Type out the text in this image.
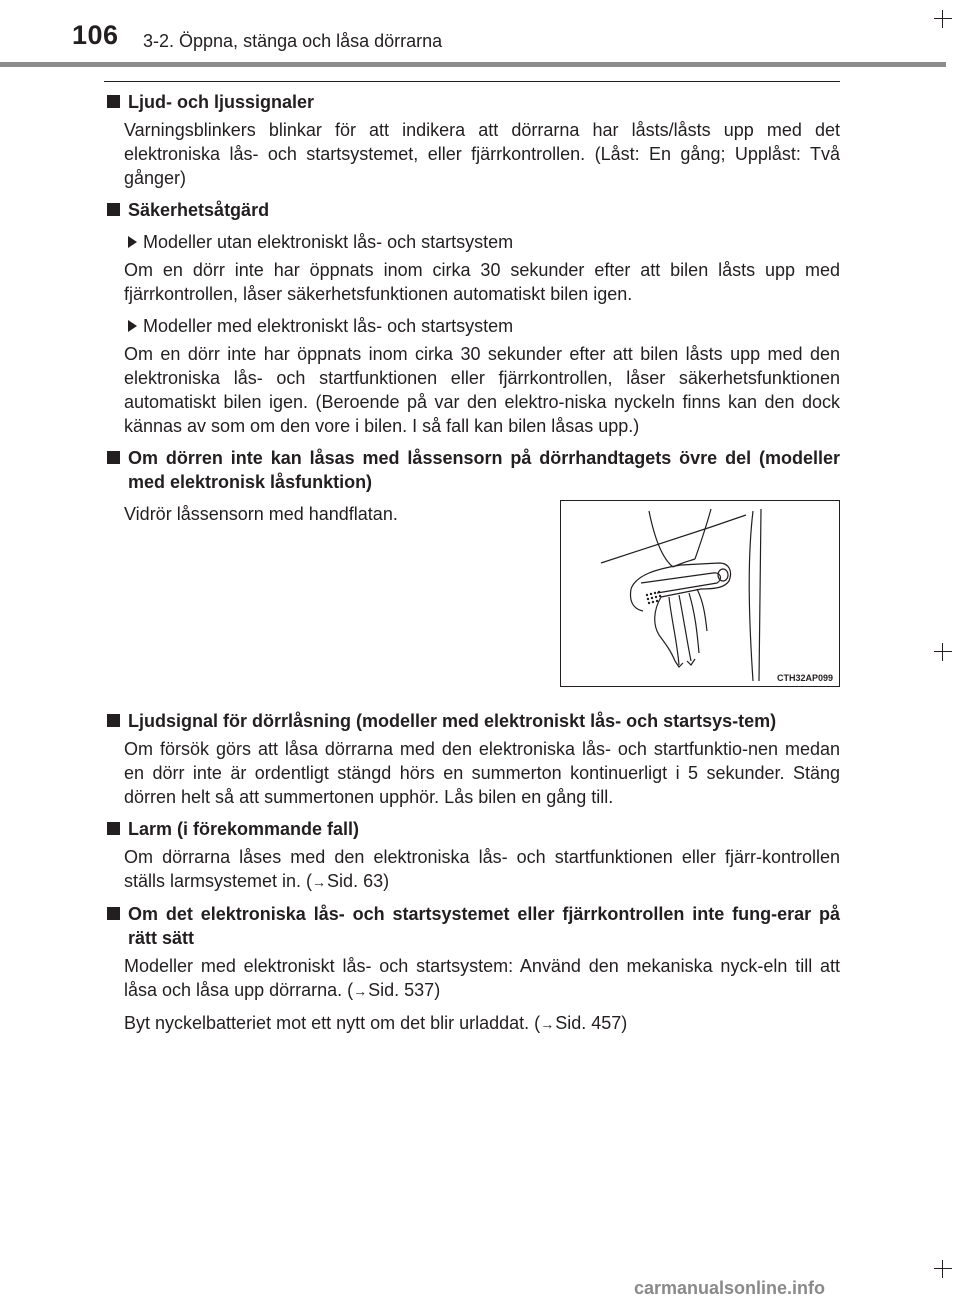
106 3-2. Öppna, stänga och låsa dörrarna
Ljud- och ljussignaler
Varningsblinkers blinkar för att indikera att dörrarna har låsts/låsts upp med det elektroniska lås- och startsystemet, eller fjärrkontrollen. (Låst: En gång; Upplåst: Två gånger)
Säkerhetsåtgärd
Modeller utan elektroniskt lås- och startsystem
Om en dörr inte har öppnats inom cirka 30 sekunder efter att bilen låsts upp med fjärrkontrollen, låser säkerhetsfunktionen automatiskt bilen igen.
Modeller med elektroniskt lås- och startsystem
Om en dörr inte har öppnats inom cirka 30 sekunder efter att bilen låsts upp med den elektroniska lås- och startfunktionen eller fjärrkontrollen, låser säkerhetsfunktionen automatiskt bilen igen. (Beroende på var den elektro-niska nyckeln finns kan den dock kännas av som om den vore i bilen. I så fall kan bilen låsas upp.)
Om dörren inte kan låsas med låssensorn på dörrhandtagets övre del (modeller med elektronisk låsfunktion)
Vidrör låssensorn med handflatan.
CTH32AP099
Ljudsignal för dörrlåsning (modeller med elektroniskt lås- och startsys-tem)
Om försök görs att låsa dörrarna med den elektroniska lås- och startfunktio-nen medan en dörr inte är ordentligt stängd hörs en summerton kontinuerligt i 5 sekunder. Stäng dörren helt så att summertonen upphör. Lås bilen en gång till.
Larm (i förekommande fall)
Om dörrarna låses med den elektroniska lås- och startfunktionen eller fjärr-kontrollen ställs larmsystemet in. (→Sid. 63)
Om det elektroniska lås- och startsystemet eller fjärrkontrollen inte fung-erar på rätt sätt
Modeller med elektroniskt lås- och startsystem: Använd den mekaniska nyck-eln till att låsa och låsa upp dörrarna. (→Sid. 537)
Byt nyckelbatteriet mot ett nytt om det blir urladdat. (→Sid. 457)
carmanualsonline.info
